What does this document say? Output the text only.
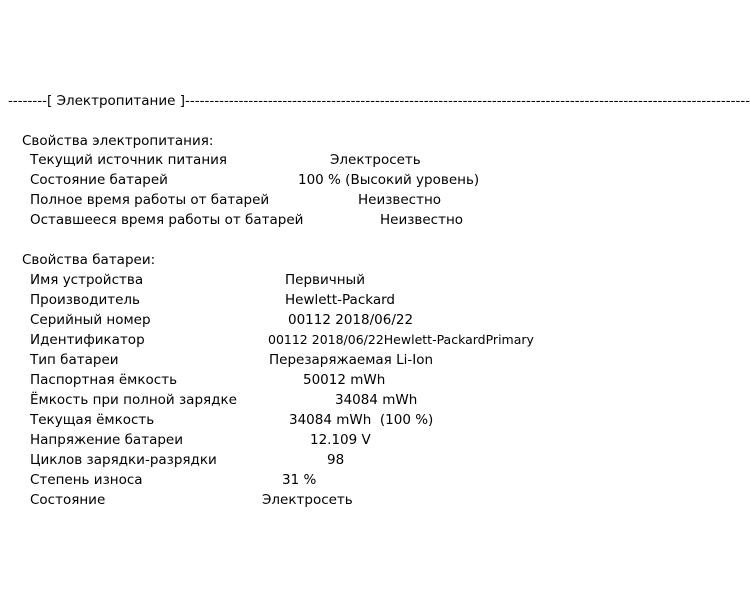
--------[ Электропитание ]--------------------------------------------------------------------------------------------------------------------
Свойства электропитания:
Текущий источник питания	Электросеть
Состояние батарей	100 % (Высокий уровень)
Полное время работы от батарей	Неизвестно
Оставшееся время работы от батарей	Неизвестно
Свойства батареи:
Имя устройства	Первичный
Производитель	Hewlett-Packard
Серийный номер	00112 2018/06/22
Идентификатор	00112 2018/06/22Hewlett-PackardPrimary
Тип батареи	Перезаряжаемая Li-Ion
Паспортная ёмкость	50012 mWh
Ёмкость при полной зарядке	34084 mWh
Текущая ёмкость	34084 mWh  (100 %)
Напряжение батареи	12.109 V
Циклов зарядки-разрядки	98
Степень износа	31 %
Состояние	Электросеть
